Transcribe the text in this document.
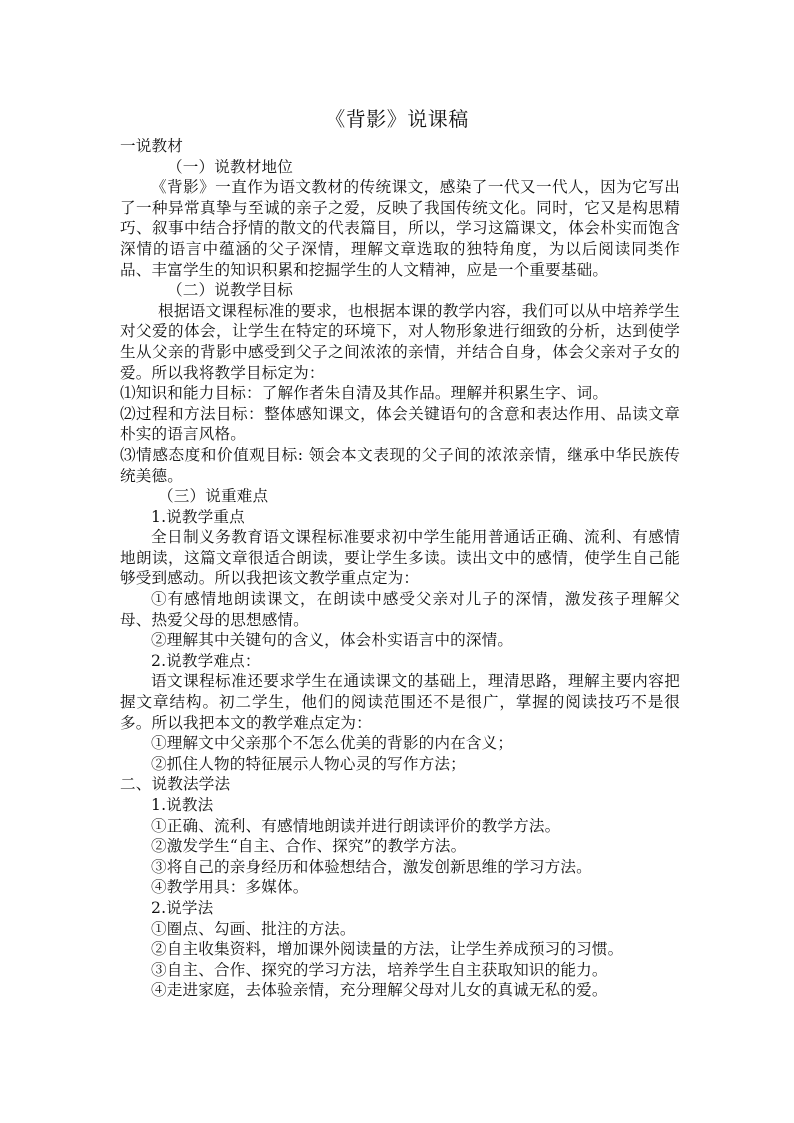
《背影》说课稿

一说教材

（一）说教材地位

《背影》一直作为语文教材的传统课文，感染了一代又一代人，因为它写出了一种异常真挚与至诚的亲子之爱，反映了我国传统文化。同时，它又是构思精巧、叙事中结合抒情的散文的代表篇目，所以，学习这篇课文，体会朴实而饱含深情的语言中蕴涵的父子深情，理解文章选取的独特角度，为以后阅读同类作品、丰富学生的知识积累和挖掘学生的人文精神，应是一个重要基础。

（二）说教学目标

根据语文课程标准的要求，也根据本课的教学内容，我们可以从中培养学生对父爱的体会，让学生在特定的环境下，对人物形象进行细致的分析，达到使学生从父亲的背影中感受到父子之间浓浓的亲情，并结合自身，体会父亲对子女的爱。所以我将教学目标定为：

⑴知识和能力目标：了解作者朱自清及其作品。理解并积累生字、词。

⑵过程和方法目标：整体感知课文，体会关键语句的含意和表达作用、品读文章朴实的语言风格。

⑶情感态度和价值观目标: 领会本文表现的父子间的浓浓亲情，继承中华民族传统美德。

（三）说重难点

1.说教学重点

全日制义务教育语文课程标准要求初中学生能用普通话正确、流利、有感情地朗读，这篇文章很适合朗读，要让学生多读。读出文中的感情，使学生自己能够受到感动。所以我把该文教学重点定为：

①有感情地朗读课文，在朗读中感受父亲对儿子的深情，激发孩子理解父母、热爱父母的思想感情。

②理解其中关键句的含义，体会朴实语言中的深情。

2.说教学难点：

语文课程标准还要求学生在通读课文的基础上，理清思路，理解主要内容把握文章结构。初二学生，他们的阅读范围还不是很广，掌握的阅读技巧不是很多。所以我把本文的教学难点定为：

①理解文中父亲那个不怎么优美的背影的内在含义；

②抓住人物的特征展示人物心灵的写作方法；

二、说教法学法

1.说教法

①正确、流利、有感情地朗读并进行朗读评价的教学方法。

②激发学生“自主、合作、探究”的教学方法。

③将自己的亲身经历和体验想结合，激发创新思维的学习方法。

④教学用具：多媒体。

2.说学法

①圈点、勾画、批注的方法。

②自主收集资料，增加课外阅读量的方法，让学生养成预习的习惯。

③自主、合作、探究的学习方法，培养学生自主获取知识的能力。

④走进家庭，去体验亲情，充分理解父母对儿女的真诚无私的爱。
